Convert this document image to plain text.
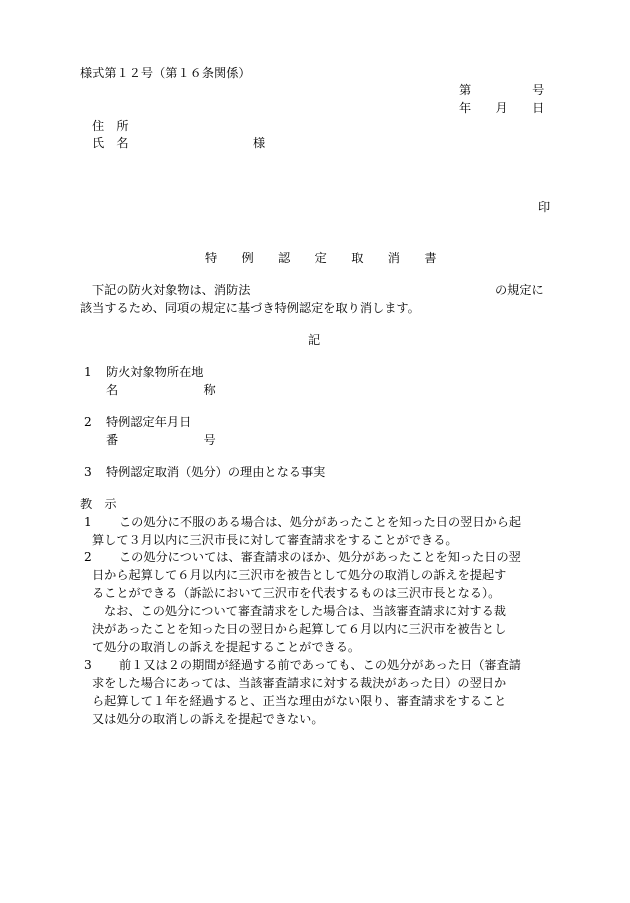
様式第１２号（第１６条関係）
第　　　　　号
年　　月　　日
住　所
氏　名	様
印
特　　例　　認　　定　　取　　消　　書
下記の防火対象物は、消防法	の規定に
該当するため、同項の規定に基づき特例認定を取り消します。
記
1 防火対象物所在地
名　　　　　　　称
2 特例認定年月日
番　　　　　　　号
3 特例認定取消（処分）の理由となる事実
教　示
1 この処分に不服のある場合は、処分があったことを知った日の翌日から起
算して３月以内に三沢市長に対して審査請求をすることができる。
2 この処分については、審査請求のほか、処分があったことを知った日の翌
日から起算して６月以内に三沢市を被告として処分の取消しの訴えを提起す
ることができる（訴訟において三沢市を代表するものは三沢市長となる）。
なお、この処分について審査請求をした場合は、当該審査請求に対する裁
決があったことを知った日の翌日から起算して６月以内に三沢市を被告とし
て処分の取消しの訴えを提起することができる。
3 前１又は２の期間が経過する前であっても、この処分があった日（審査請
求をした場合にあっては、当該審査請求に対する裁決があった日）の翌日か
ら起算して１年を経過すると、正当な理由がない限り、審査請求をすること
又は処分の取消しの訴えを提起できない。
